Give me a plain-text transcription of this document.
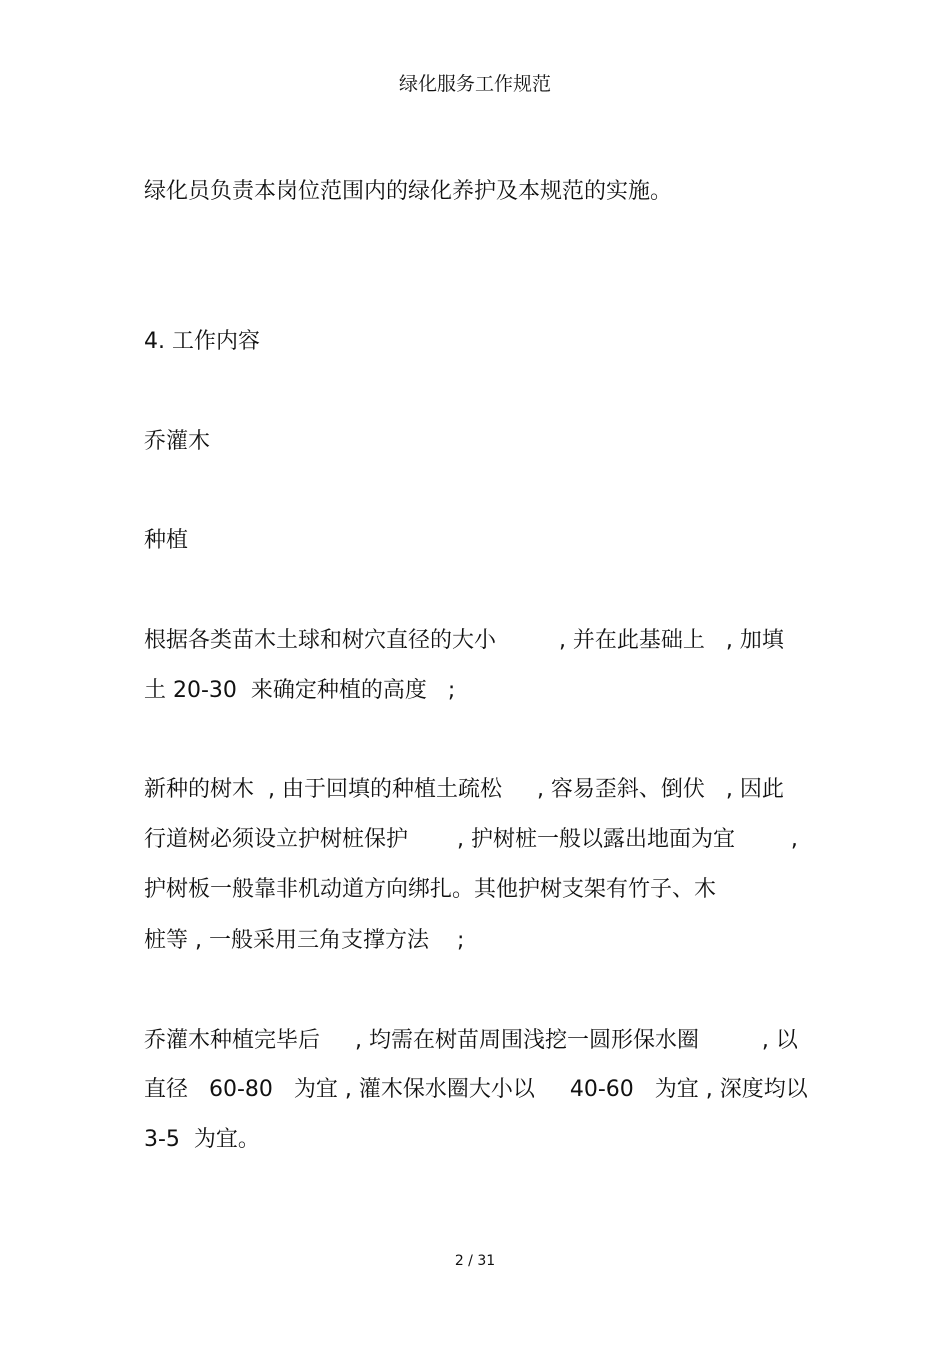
绿化服务工作规范
绿化员负责本岗位范围内的绿化养护及本规范的实施。
4. 工作内容
乔灌木
种植
根据各类苗木土球和树穴直径的大小         , 并在此基础上   , 加填
土 20-30  来确定种植的高度   ;
新种的树木  , 由于回填的种植土疏松     , 容易歪斜、倒伏   , 因此
行道树必须设立护树桩保护       , 护树桩一般以露出地面为宜        ,
护树板一般靠非机动道方向绑扎。其他护树支架有竹子、木
桩等 , 一般采用三角支撑方法    ;
乔灌木种植完毕后     , 均需在树苗周围浅挖一圆形保水圈         , 以
直径   60-80   为宜 , 灌木保水圈大小以     40-60   为宜 , 深度均以
3-5  为宜。
2 / 31
